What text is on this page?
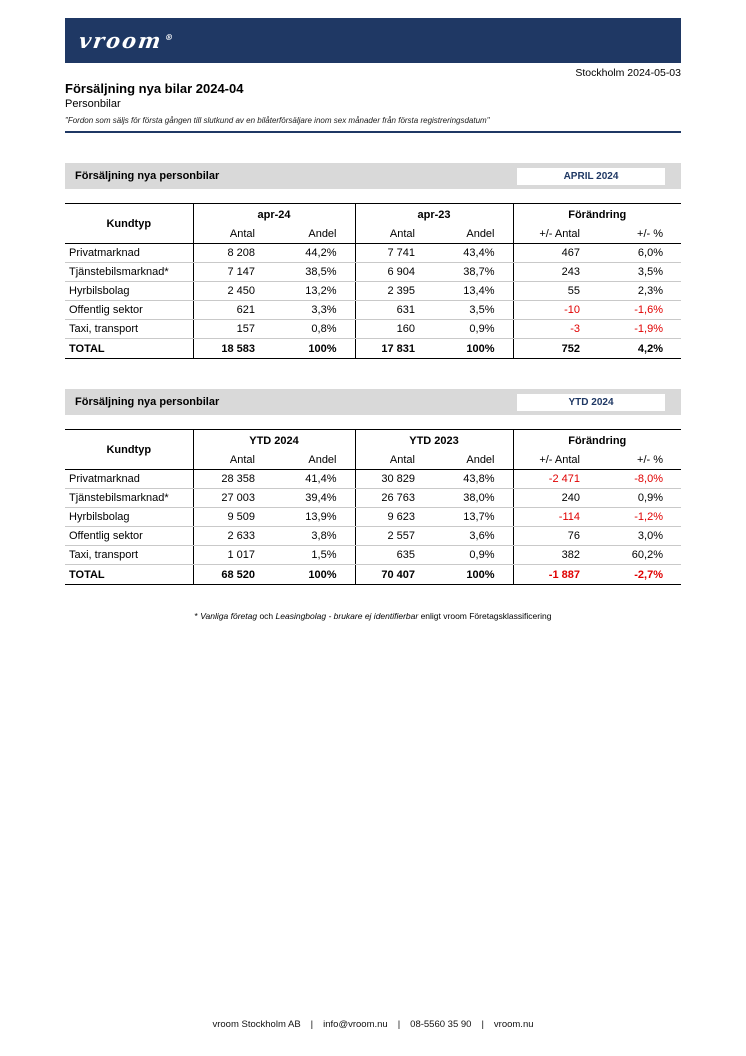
vroom®
Stockholm 2024-05-03
Försäljning nya bilar 2024-04
Personbilar
"Fordon som säljs för första gången till slutkund av en bilåterförsäljare inom sex månader från första registreringsdatum"
Försäljning nya personbilar	APRIL 2024
Kundtyp	apr-24		apr-23		Förändring	
	Antal	Andel	Antal	Andel	+/- Antal	+/- %
Privatmarknad	8 208	44,2%	7 741	43,4%	467	6,0%
Tjänstebilsmarknad*	7 147	38,5%	6 904	38,7%	243	3,5%
Hyrbilsbolag	2 450	13,2%	2 395	13,4%	55	2,3%
Offentlig sektor	621	3,3%	631	3,5%	-10	-1,6%
Taxi, transport	157	0,8%	160	0,9%	-3	-1,9%
TOTAL	18 583	100%	17 831	100%	752	4,2%
Försäljning nya personbilar	YTD 2024
Kundtyp	YTD 2024		YTD 2023		Förändring	
	Antal	Andel	Antal	Andel	+/- Antal	+/- %
Privatmarknad	28 358	41,4%	30 829	43,8%	-2 471	-8,0%
Tjänstebilsmarknad*	27 003	39,4%	26 763	38,0%	240	0,9%
Hyrbilsbolag	9 509	13,9%	9 623	13,7%	-114	-1,2%
Offentlig sektor	2 633	3,8%	2 557	3,6%	76	3,0%
Taxi, transport	1 017	1,5%	635	0,9%	382	60,2%
TOTAL	68 520	100%	70 407	100%	-1 887	-2,7%
* Vanliga företag och Leasingbolag - brukare ej identifierbar enligt vroom Företagsklassificering
vroom Stockholm AB | info@vroom.nu | 08-5560 35 90 | vroom.nu
